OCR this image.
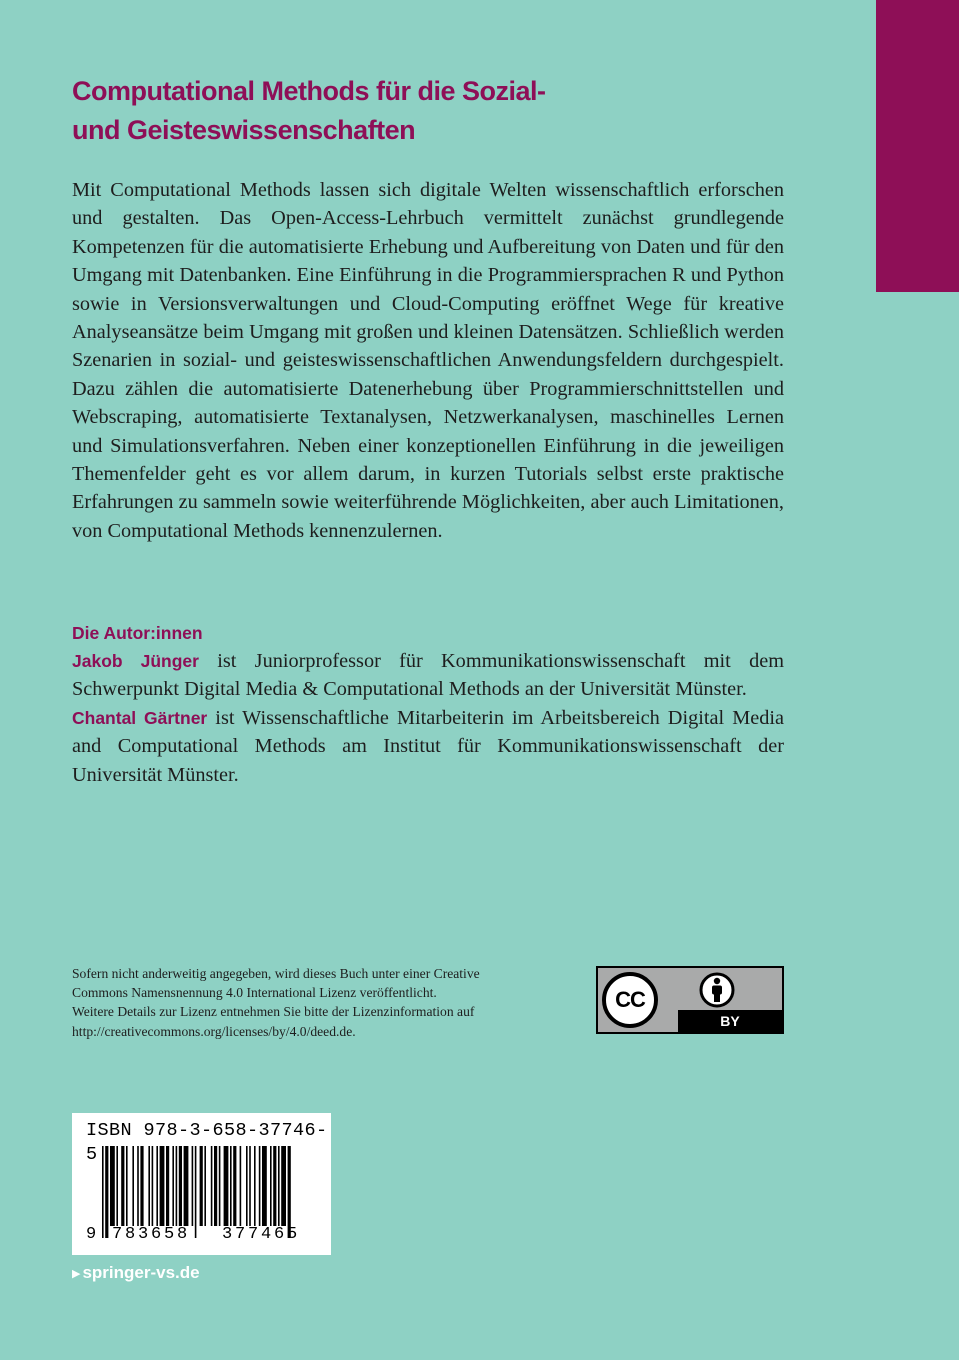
Computational Methods für die Sozial-
und Geisteswissenschaften

Mit Computational Methods lassen sich digitale Welten wissenschaftlich erforschen und gestalten. Das Open-Access-Lehrbuch vermittelt zunächst grundlegende Kompetenzen für die automatisierte Erhebung und Aufbereitung von Daten und für den Umgang mit Datenbanken. Eine Einführung in die Programmiersprachen R und Python sowie in Versionsverwaltungen und Cloud-Computing eröffnet Wege für kreative Analyseansätze beim Umgang mit großen und kleinen Datensätzen. Schließlich werden Szenarien in sozial- und geisteswissenschaftlichen Anwendungsfeldern durchgespielt. Dazu zählen die automatisierte Datenerhebung über Programmierschnittstellen und Webscraping, automatisierte Textanalysen, Netzwerkanalysen, maschinelles Lernen und Simulationsverfahren. Neben einer konzeptionellen Einführung in die jeweiligen Themenfelder geht es vor allem darum, in kurzen Tutorials selbst erste praktische Erfahrungen zu sammeln sowie weiterführende Möglichkeiten, aber auch Limitationen, von Computational Methods kennenzulernen.

Die Autor:innen

Jakob Jünger ist Juniorprofessor für Kommunikationswissenschaft mit dem Schwerpunkt Digital Media & Computational Methods an der Universität Münster.

Chantal Gärtner ist Wissenschaftliche Mitarbeiterin im Arbeitsbereich Digital Media and Computational Methods am Institut für Kommunikationswissenschaft der Universität Münster.

Sofern nicht anderweitig angegeben, wird dieses Buch unter einer Creative
Commons Namensnennung 4.0 International Lizenz veröffentlicht.
Weitere Details zur Lizenz entnehmen Sie bitte der Lizenzinformation auf
http://creativecommons.org/licenses/by/4.0/deed.de.

CC
BY
ISBN 978-3-658-37746-5
9 783658 377465
▶ springer-vs.de
